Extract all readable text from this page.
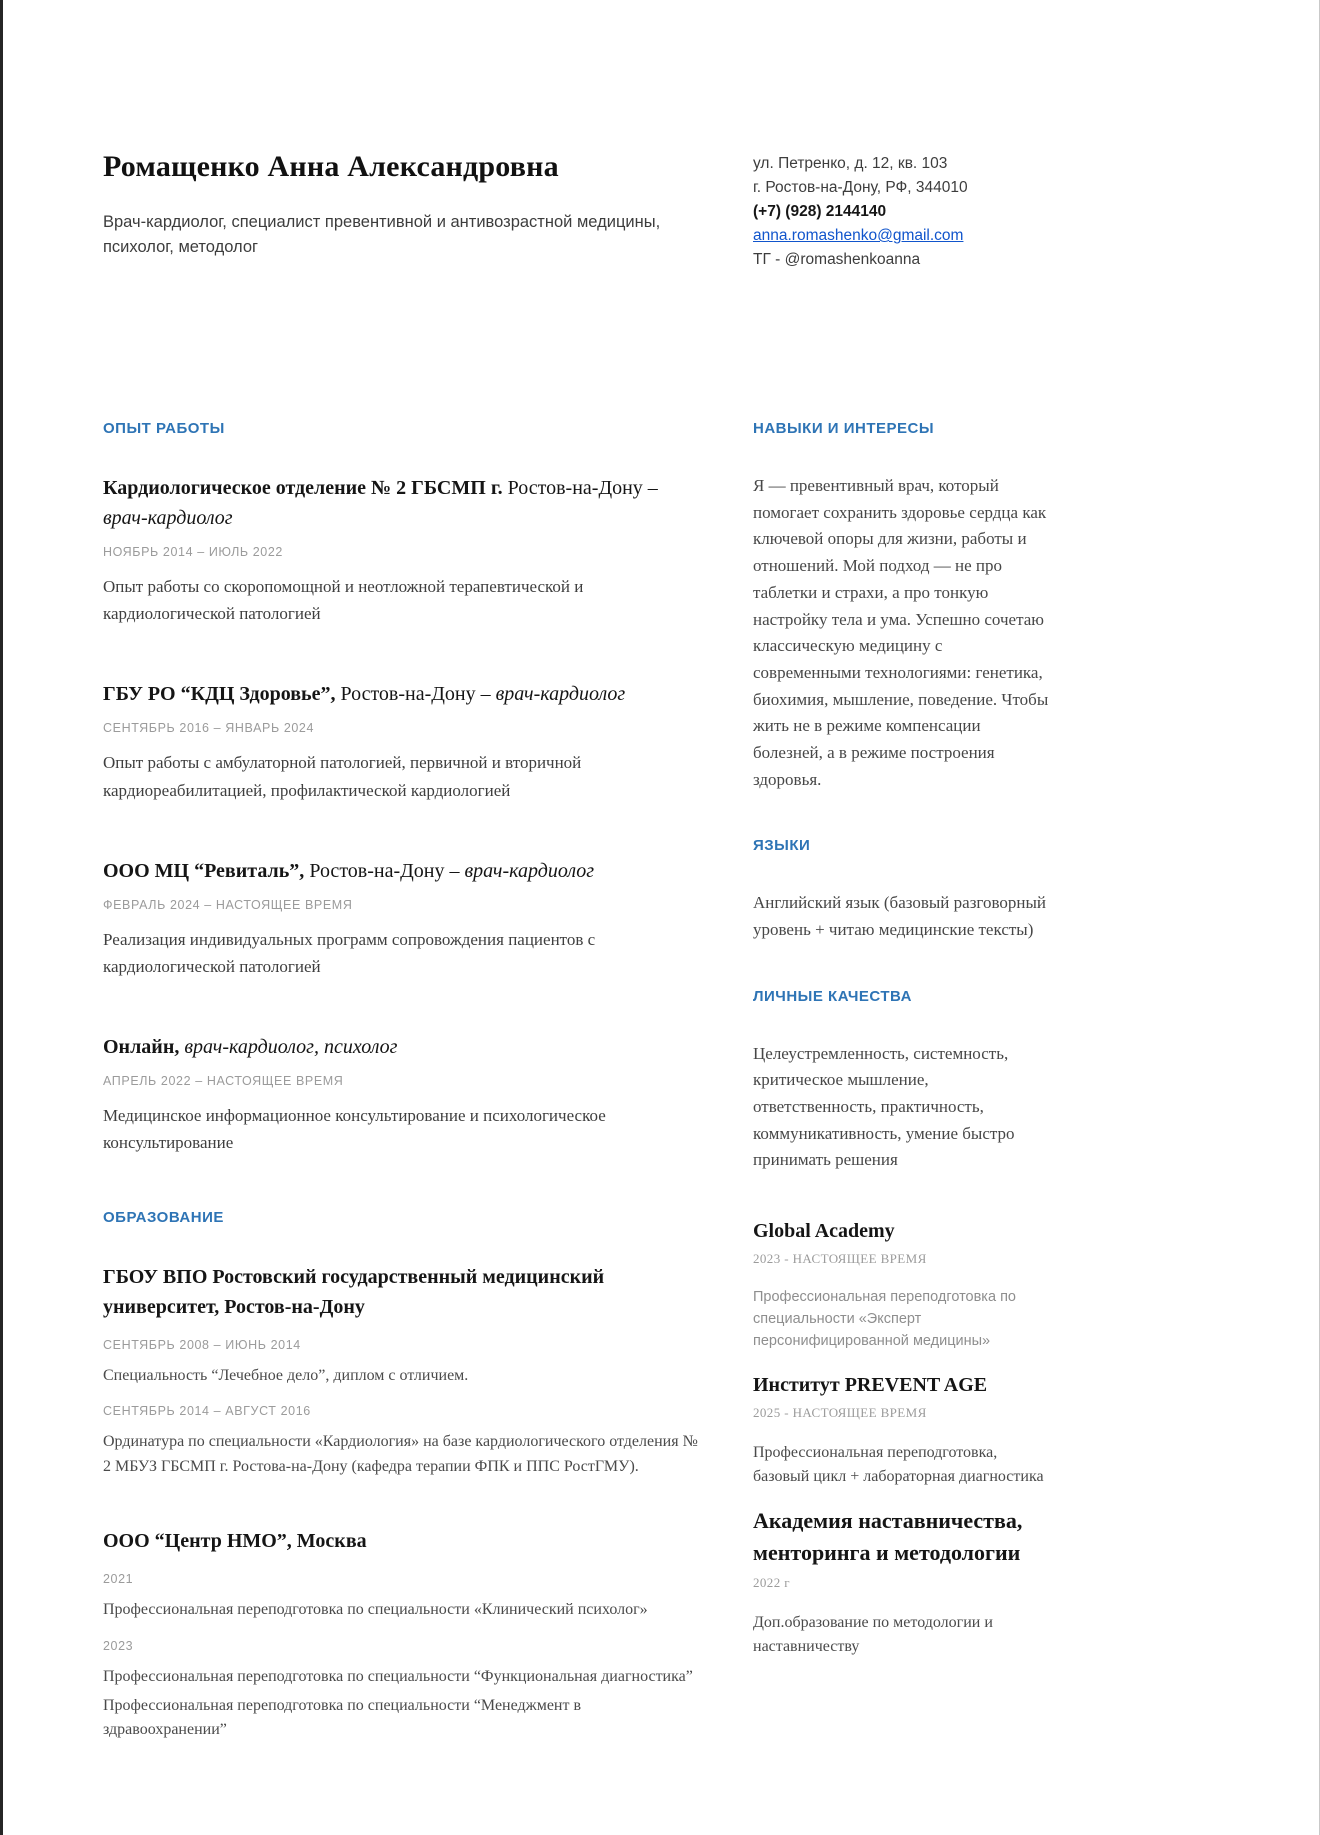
Ромащенко Анна Александровна
Врач-кардиолог, специалист превентивной и антивозрастной медицины, психолог, методолог
ул. Петренко, д. 12, кв. 103
г. Ростов-на-Дону, РФ, 344010
(+7) (928) 2144140
anna.romashenko@gmail.com
ТГ - @romashenkoanna
ОПЫТ РАБОТЫ
Кардиологическое отделение № 2 ГБСМП г. Ростов-на-Дону – врач-кардиолог
НОЯБРЬ 2014 – ИЮЛЬ 2022

Опыт работы со скоропомощной и неотложной терапевтической и кардиологической патологией

ГБУ РО “КДЦ Здоровье”, Ростов-на-Дону – врач-кардиолог
СЕНТЯБРЬ 2016 – ЯНВАРЬ 2024

Опыт работы с амбулаторной патологией, первичной и вторичной кардиореабилитацией, профилактической кардиологией

ООО МЦ “Ревиталь”, Ростов-на-Дону – врач-кардиолог
ФЕВРАЛЬ 2024 – НАСТОЯЩЕЕ ВРЕМЯ

Реализация индивидуальных программ сопровождения пациентов с кардиологической патологией

Онлайн, врач-кардиолог, психолог
АПРЕЛЬ 2022 – НАСТОЯЩЕЕ ВРЕМЯ

Медицинское информационное консультирование и психологическое консультирование

ОБРАЗОВАНИЕ
ГБОУ ВПО Ростовский государственный медицинский университет, Ростов-на-Дону
СЕНТЯБРЬ 2008 – ИЮНЬ 2014

Специальность “Лечебное дело”, диплом с отличием.

СЕНТЯБРЬ 2014 – АВГУСТ 2016

Ординатура по специальности «Кардиология» на базе кардиологического отделения № 2 МБУЗ ГБСМП г. Ростова-на-Дону (кафедра терапии ФПК и ППС РостГМУ).

ООО “Центр НМО”, Москва
2021

Профессиональная переподготовка по специальности «Клинический психолог»

2023

Профессиональная переподготовка по специальности “Функциональная диагностика”

Профессиональная переподготовка по специальности “Менеджмент в здравоохранении”

НАВЫКИ И ИНТЕРЕСЫ

Я — превентивный врач, который помогает сохранить здоровье сердца как ключевой опоры для жизни, работы и отношений. Мой подход — не про таблетки и страхи, а про тонкую настройку тела и ума. Успешно сочетаю классическую медицину с современными технологиями: генетика, биохимия, мышление, поведение. Чтобы жить не в режиме компенсации болезней, а в режиме построения здоровья.

ЯЗЫКИ

Английский язык (базовый разговорный уровень + читаю медицинские тексты)

ЛИЧНЫЕ КАЧЕСТВА

Целеустремленность, системность, критическое мышление, ответственность, практичность, коммуникативность, умение быстро принимать решения

Global Academy
2023 - НАСТОЯЩЕЕ ВРЕМЯ

Профессиональная переподготовка по специальности «Эксперт персонифицированной медицины»

Институт PREVENT AGE
2025 - НАСТОЯЩЕЕ ВРЕМЯ

Профессиональная переподготовка, базовый цикл + лабораторная диагностика

Академия наставничества, менторинга и методологии
2022 г

Доп.образование по методологии и наставничеству
